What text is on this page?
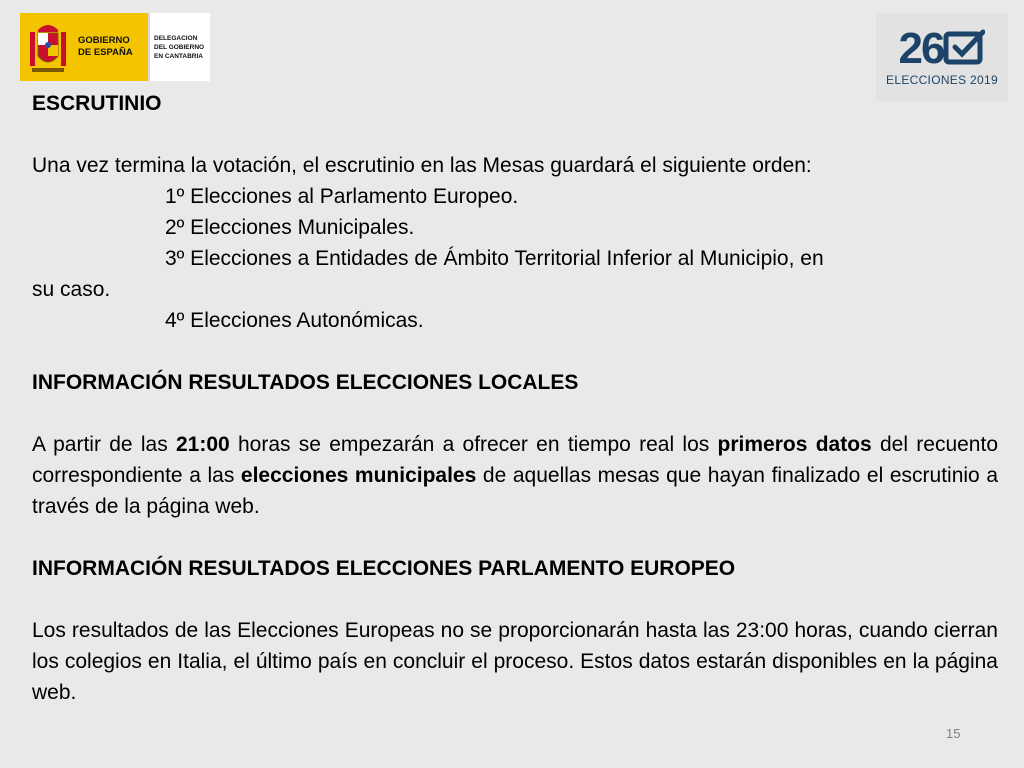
GOBIERNO
DE ESPAÑA
DELEGACION
DEL GOBIERNO
EN CANTABRIA	26
ELECCIONES 2019

ESCRUTINIO

Una vez termina la votación, el escrutinio en las Mesas guardará el siguiente orden:

1º Elecciones al Parlamento Europeo.

2º Elecciones Municipales.

3º Elecciones a Entidades de Ámbito Territorial Inferior al Municipio, en

su caso.

4º Elecciones Autonómicas.

INFORMACIÓN RESULTADOS ELECCIONES LOCALES

A partir de las 21:00 horas se empezarán a ofrecer en tiempo real los primeros datos del recuento correspondiente a las elecciones municipales de aquellas mesas que hayan finalizado el escrutinio a través de la página web.

INFORMACIÓN RESULTADOS ELECCIONES PARLAMENTO EUROPEO

Los resultados de las Elecciones Europeas no se proporcionarán hasta las 23:00 horas, cuando cierran los colegios en Italia, el último país en concluir el proceso. Estos datos estarán disponibles en la página web.

15
